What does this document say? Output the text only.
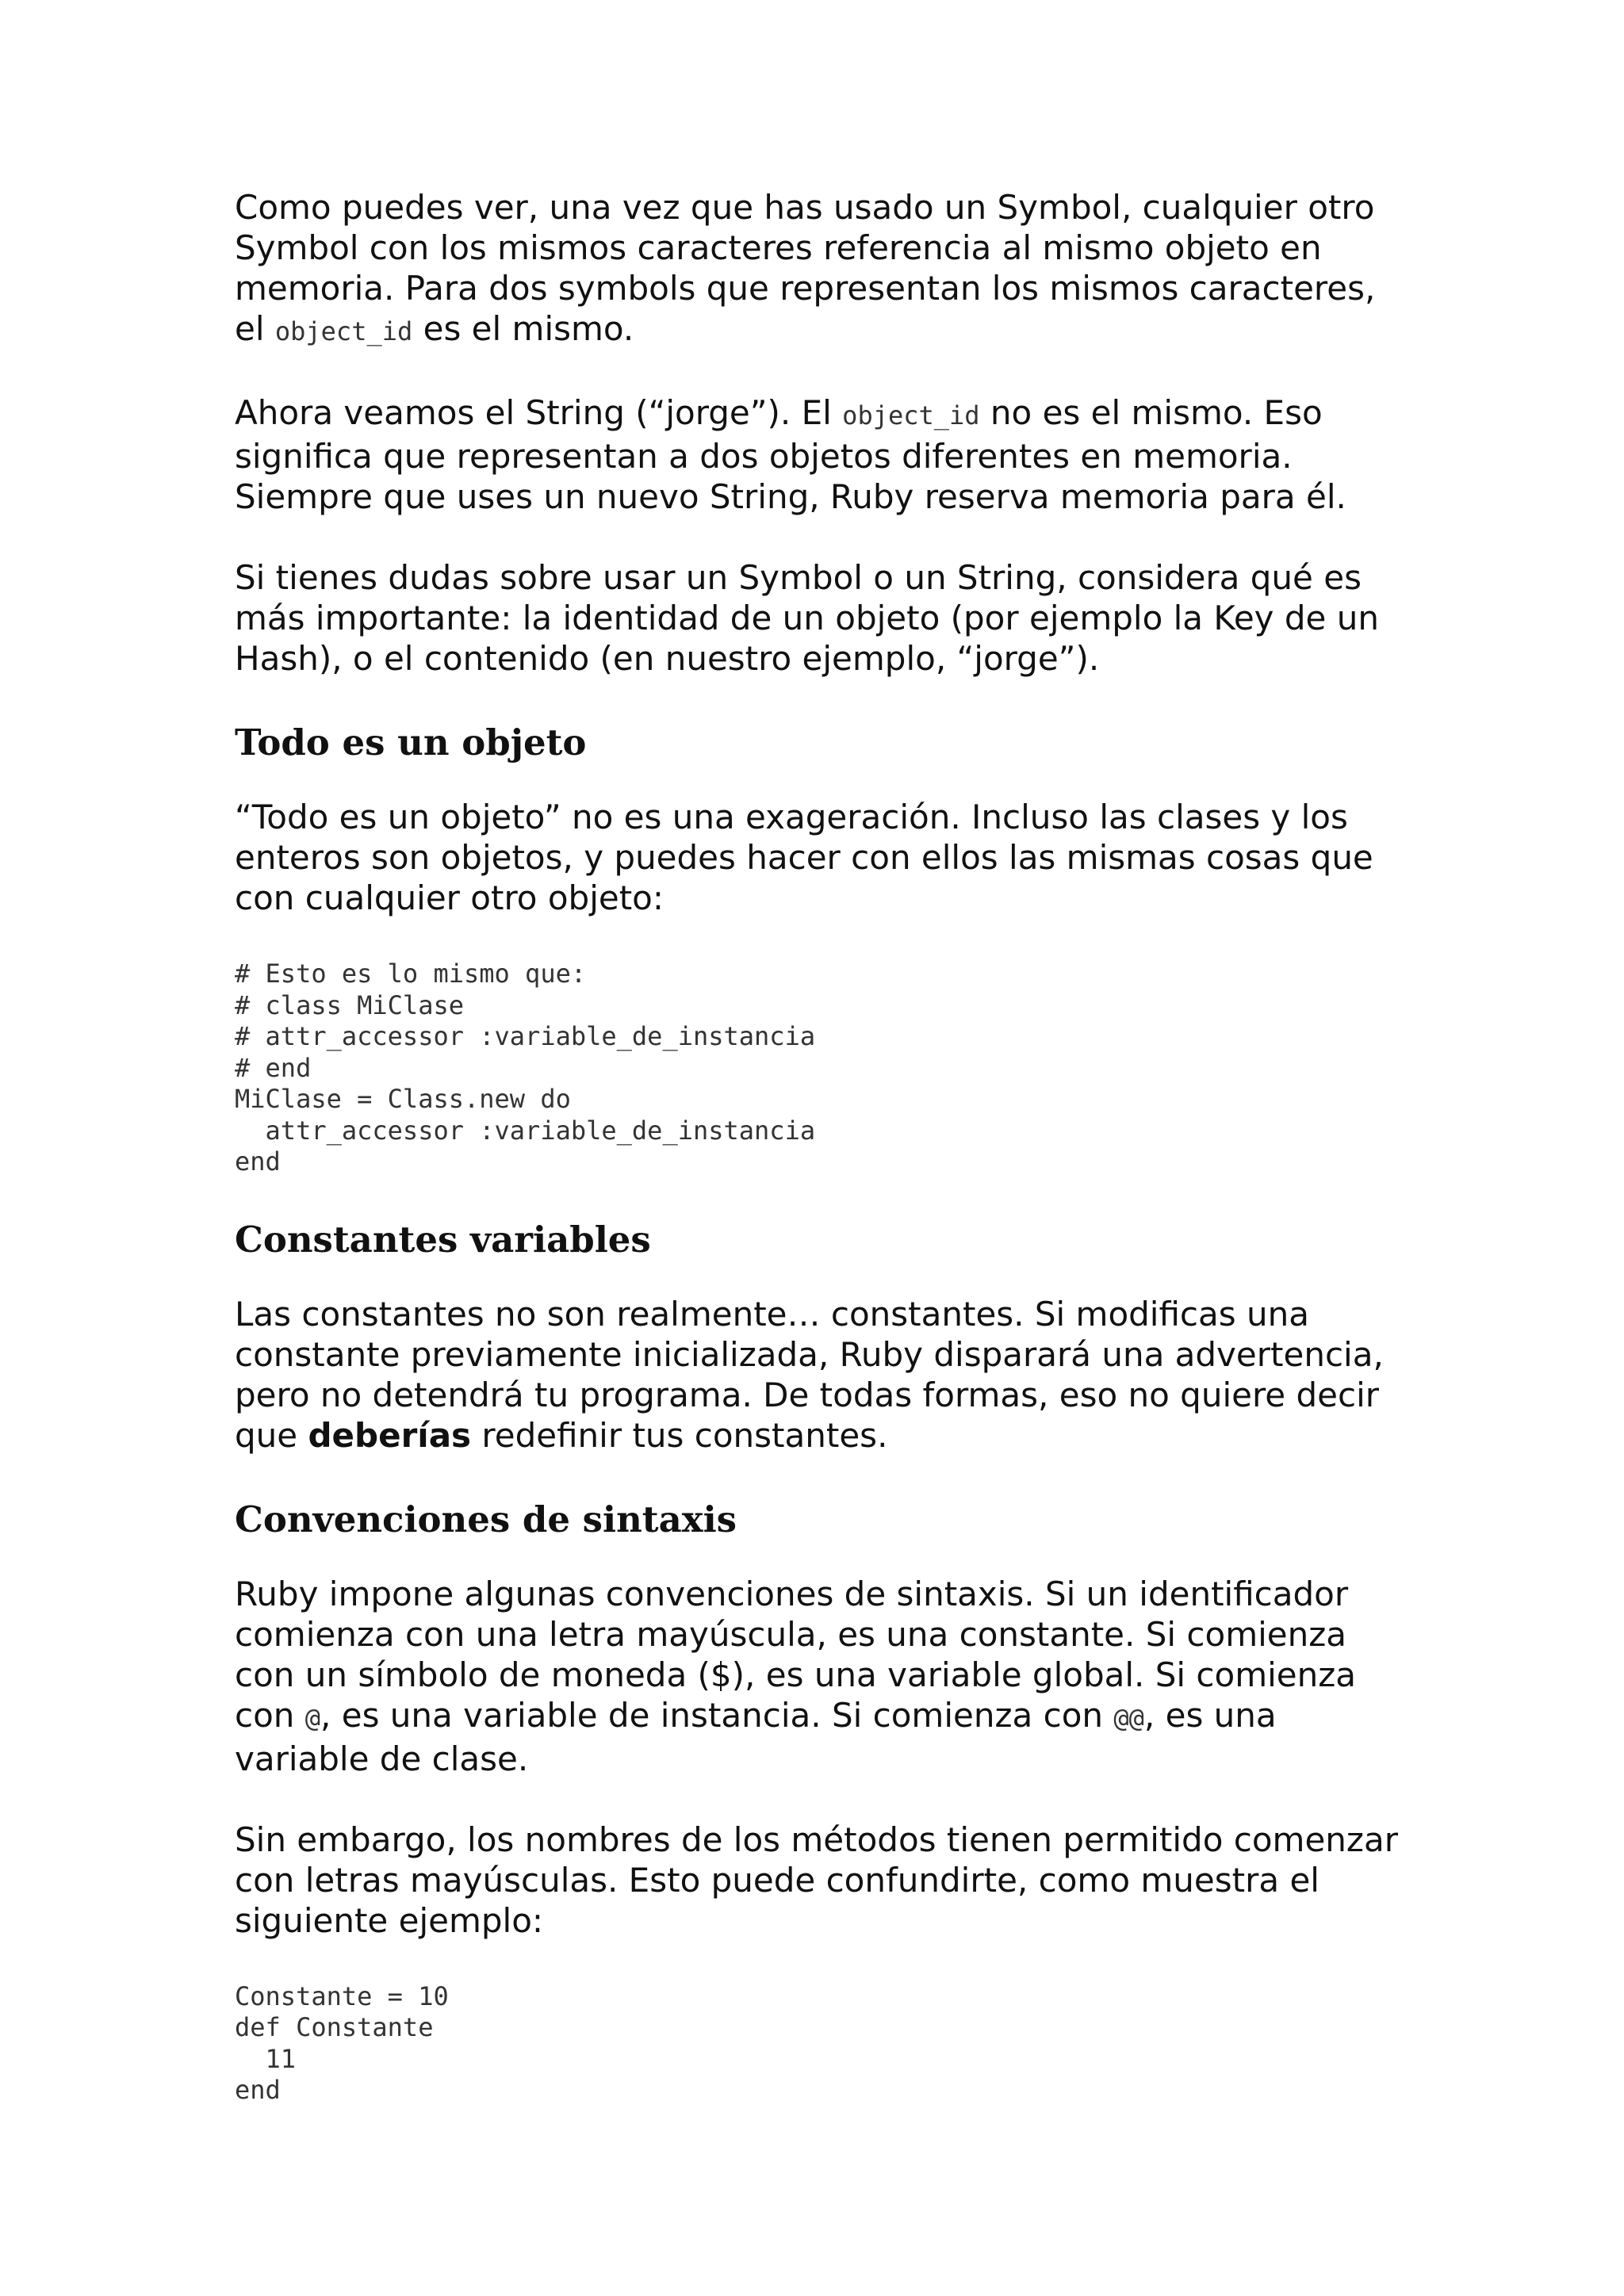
Como puedes ver, una vez que has usado un Symbol, cualquier otro Symbol con los mismos caracteres referencia al mismo objeto en memoria. Para dos symbols que representan los mismos caracteres, el object_id es el mismo.

Ahora veamos el String (“jorge”). El object_id no es el mismo. Eso significa que representan a dos objetos diferentes en memoria. Siempre que uses un nuevo String, Ruby reserva memoria para él.

Si tienes dudas sobre usar un Symbol o un String, considera qué es más importante: la identidad de un objeto (por ejemplo la Key de un Hash), o el contenido (en nuestro ejemplo, “jorge”).

Todo es un objeto

“Todo es un objeto” no es una exageración. Incluso las clases y los enteros son objetos, y puedes hacer con ellos las mismas cosas que con cualquier otro objeto:

# Esto es lo mismo que:
# class MiClase
# attr_accessor :variable_de_instancia
# end
MiClase = Class.new do
attr_accessor :variable_de_instancia
end
Constantes variables

Las constantes no son realmente… constantes. Si modificas una constante previamente inicializada, Ruby disparará una advertencia, pero no detendrá tu programa. De todas formas, eso no quiere decir que deberías redefinir tus constantes.

Convenciones de sintaxis

Ruby impone algunas convenciones de sintaxis. Si un identificador comienza con una letra mayúscula, es una constante. Si comienza con un símbolo de moneda ($), es una variable global. Si comienza con @, es una variable de instancia. Si comienza con @@, es una variable de clase.

Sin embargo, los nombres de los métodos tienen permitido comenzar con letras mayúsculas. Esto puede confundirte, como muestra el siguiente ejemplo:

Constante = 10
def Constante
11
end
